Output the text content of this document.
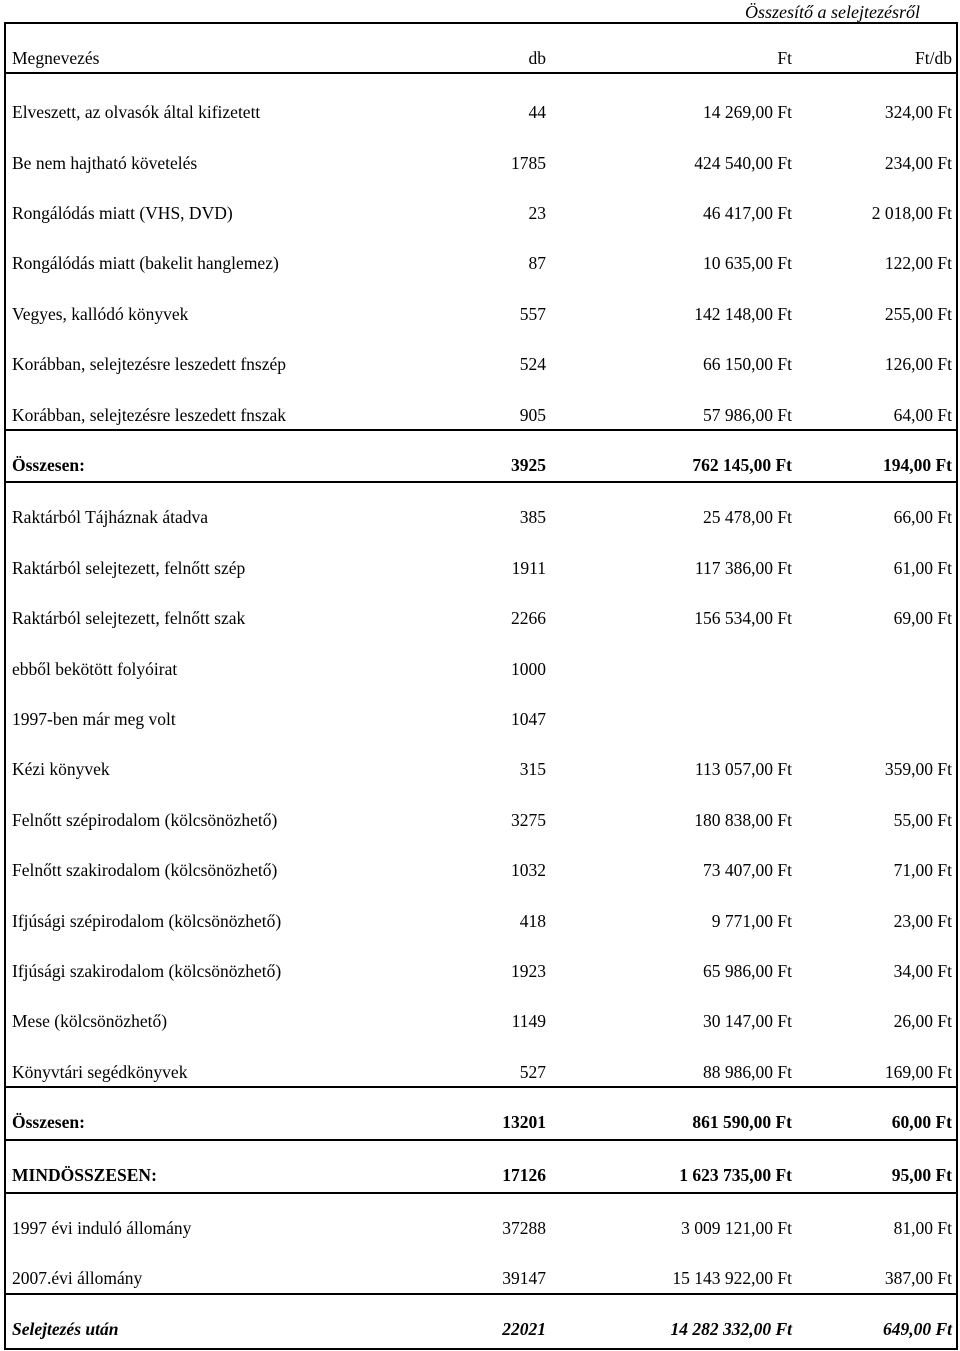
Összesítő a selejtezésről
Megnevezés	db	Ft	Ft/db
Elveszett, az olvasók által kifizetett	44	14 269,00 Ft	324,00 Ft
Be nem hajtható követelés	1785	424 540,00 Ft	234,00 Ft
Rongálódás miatt (VHS, DVD)	23	46 417,00 Ft	2 018,00 Ft
Rongálódás miatt (bakelit hanglemez)	87	10 635,00 Ft	122,00 Ft
Vegyes, kallódó könyvek	557	142 148,00 Ft	255,00 Ft
Korábban, selejtezésre leszedett fnszép	524	66 150,00 Ft	126,00 Ft
Korábban, selejtezésre leszedett fnszak	905	57 986,00 Ft	64,00 Ft
Összesen:	3925	762 145,00 Ft	194,00 Ft
Raktárból Tájháznak átadva	385	25 478,00 Ft	66,00 Ft
Raktárból selejtezett, felnőtt szép	1911	117 386,00 Ft	61,00 Ft
Raktárból selejtezett, felnőtt szak	2266	156 534,00 Ft	69,00 Ft
ebből bekötött folyóirat	1000
1997-ben már meg volt	1047
Kézi könyvek	315	113 057,00 Ft	359,00 Ft
Felnőtt szépirodalom (kölcsönözhető)	3275	180 838,00 Ft	55,00 Ft
Felnőtt szakirodalom (kölcsönözhető)	1032	73 407,00 Ft	71,00 Ft
Ifjúsági szépirodalom (kölcsönözhető)	418	9 771,00 Ft	23,00 Ft
Ifjúsági szakirodalom (kölcsönözhető)	1923	65 986,00 Ft	34,00 Ft
Mese (kölcsönözhető)	1149	30 147,00 Ft	26,00 Ft
Könyvtári segédkönyvek	527	88 986,00 Ft	169,00 Ft
Összesen:	13201	861 590,00 Ft	60,00 Ft
MINDÖSSZESEN:	17126	1 623 735,00 Ft	95,00 Ft
1997 évi induló állomány	37288	3 009 121,00 Ft	81,00 Ft
2007.évi állomány	39147	15 143 922,00 Ft	387,00 Ft
Selejtezés után	22021	14 282 332,00 Ft	649,00 Ft
